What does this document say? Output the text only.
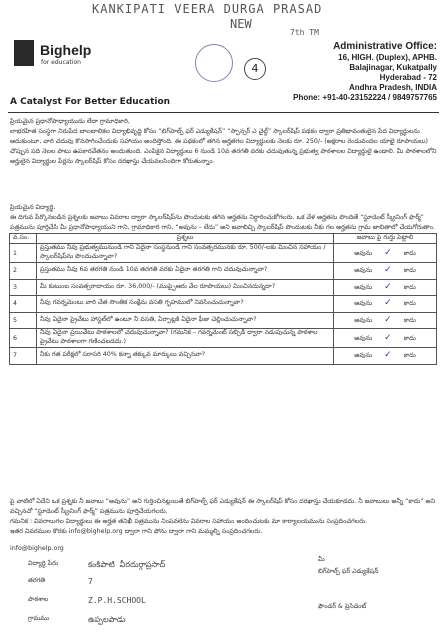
KANKIPATI VEERA DURGA PRASAD
NEW
7th TM
4
Bighelp
for education
A Catalyst For Better Education
Administrative Office:
16, HIGH. (Duplex), APHB.
Balajinagar, Kukatpally
Hyderabad - 72
Andhra Pradesh, INDIA
Phone: +91-40-23152224 / 9849757765
ప్రియమైన ప్రధానోపాధ్యాయుడు లేదా గ్రామాధికారి,
లాభరహిత సంస్థగా నిరుపేద బాలబాలికల విద్యాభివృద్ధి కోసం “బిగ్‌హెల్ప్ ఫర్ ఎడ్యుకేషన్” “స్పాన్సర్ ఎ చైల్డ్” స్కాలర్‌షిప్ పథకం ద్వారా ప్రతిభావంతులైన పేద విద్యార్థులను ఆదుకుంటూ, వారి చదువు కొనసాగించేందుకు సహాయం అందిస్తోంది. ఈ పథకంలో తగిన అర్హతగల విద్యార్థులకు నెలకు రూ. 250/- (అక్షరాల రెండువందల యాభై రూపాయలు) చొప్పున పది నెలల పాటు ఉపకారవేతనం అందుతుంది. ఎంపికైన విద్యార్థులు 6 నుండి 10వ తరగతి వరకు చదువుతున్న ప్రభుత్వ పాఠశాలల విద్యార్థులై ఉండాలి. మీ పాఠశాలలోని అర్హులైన విద్యార్థుల పేర్లను స్కాలర్‌షిప్ కోసం దరఖాస్తు చేయవలసిందిగా కోరుతున్నాం.
ప్రియమైన విద్యార్థి,
ఈ దిగువ పేర్కొనబడిన ప్రశ్నలకు జవాబు వివరాల ద్వారా స్కాలర్‌షిప్‌ను పొందుటకు తగిన అర్హతను నిర్ధారించుకోగలరు. ఒక వేళ అర్హతను పొందితే “స్టూడెంట్ స్క్రీనింగ్ ఫార్మ్” పత్రమును పూర్తిచేసి మీ ప్రధానోపాధ్యాయుని గాని, గ్రామాధికారి గాని, “అవును – లేదు” అని జవాబిచ్చి స్కాలర్‌షిప్ పొందుటకు నీకు గల అర్హతను గ్రామ జాబితాలో చేయగోరుతాం.
వ.సం.	ప్రశ్నలు	జవాబు పై గుర్తు పెట్టాలి
1	ప్రస్తుతము నీవు ప్రభుత్వమునుండి గాని ఏదైనా సంస్థనుండి గాని సంవత్సరమునకు రూ. 500/-లకు మించిన సహాయం / స్కాలర్‌షిప్‌ను పొందుచున్నావా?	అవును ✓ కాదు
2	ప్రస్తుతము నీవు 6వ తరగతి నుండి 10వ తరగతి వరకు ఏదైనా తరగతి గాని చదువుచున్నావా?	అవును ✓ కాదు
3	మీ కుటుంబ సంవత్సరాదాయం రూ. 36,000/- (ముప్పైఆరు వేల రూపాయలు) మించినదున్నదా?	అవును ✓ కాదు
4	నీవు గవర్నమెంటు వారి చేత సొంతిక సంక్షేమ వసతి గృహములో నివసించుచున్నావా?	అవును ✓ కాదు
5	నీవు ఏదైనా ప్రైవేటు హాస్టల్‌లో ఉంటూ నీ వసతి, ఏర్పాట్లకి ఏదైనా ఫీజు చెల్లించుచున్నావా?	అవును ✓ కాదు
6	నీవు ఏదైనా ప్రయివేటు పాఠశాలలో చదువుచున్నావా? (గమనిక – గవర్నమెంట్ సబ్సిడీ ద్వారా నడుపుచున్న పాఠశాల ప్రైవేటు పాఠశాలగా గణించబడదు.)	అవును ✓ కాదు
7	నీకు గత పరీక్షలో సరాసరి 40% కన్నా తక్కువ మార్కులు వచ్చినవా?	అవును ✓ కాదు
పై వాటిలో ఏదేని ఒక ప్రశ్నకు నీ జవాబు “అవును” అని గుర్తించినట్లయితే బిగ్‌హెల్ప్ ఫర్ ఎడ్యుకేషన్ ఈ స్కాలర్‌షిప్ కోసం దరఖాస్తు చేయకూడదు. నీ జవాబులు అన్నీ “కాదు” అని వచ్చినచో “స్టూడెంట్ స్క్రీనింగ్ ఫార్మ్” పత్రమును పూర్తిచేయగలరు.
గమనిక : వివరాలుగల విద్యార్థులు ఈ అర్హత తనిఖీ పత్రమును నింపవలెను వివరాల సహాయం అందించుటకు మా కార్యాలయమును సంప్రదించగలరు.
ఇతర వివరముల కొరకు info@bighelp.org ద్వారా గాని ఫోను ద్వారా గాని మమ్మల్ని సంప్రదించగలరు.
info@bighelp.org
విద్యార్థి పేరు	కంకిపాటి వీరదుర్గాప్రసాద్
తరగతి	7
పాఠశాల	Z.P.H.SCHOOL
గ్రామము	ఉప్పలపాడు
మీ
బిగ్‌హెల్ప్ ఫర్ ఎడ్యుకేషన్
ఫౌండర్ & ప్రెసిడెంట్
